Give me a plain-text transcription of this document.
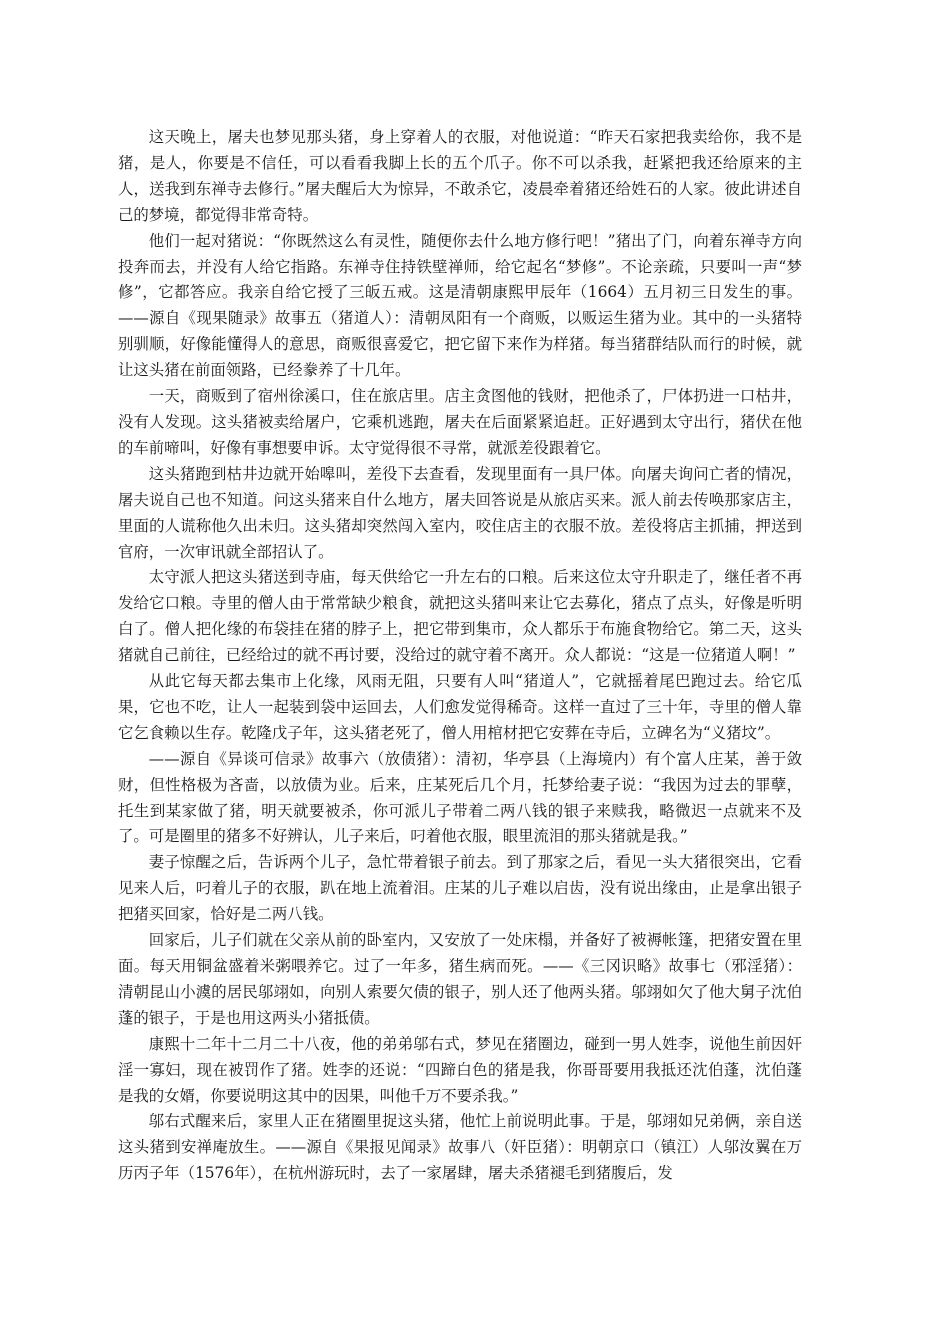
这天晚上，屠夫也梦见那头猪，身上穿着人的衣服，对他说道：“昨天石家把我卖给你，我不是猪，是人，你要是不信任，可以看看我脚上长的五个爪子。你不可以杀我，赶紧把我还给原来的主人，送我到东禅寺去修行。”屠夫醒后大为惊异，不敢杀它，凌晨牵着猪还给姓石的人家。彼此讲述自己的梦境，都觉得非常奇特。

他们一起对猪说：“你既然这么有灵性，随便你去什么地方修行吧！”猪出了门，向着东禅寺方向投奔而去，并没有人给它指路。东禅寺住持铁壁禅师，给它起名“梦修”。不论亲疏，只要叫一声“梦修”，它都答应。我亲自给它授了三皈五戒。这是清朝康熙甲辰年（1664）五月初三日发生的事。——源自《现果随录》故事五（猪道人）：清朝凤阳有一个商贩，以贩运生猪为业。其中的一头猪特别驯顺，好像能懂得人的意思，商贩很喜爱它，把它留下来作为样猪。每当猪群结队而行的时候，就让这头猪在前面领路，已经豢养了十几年。

一天，商贩到了宿州徐溪口，住在旅店里。店主贪图他的钱财，把他杀了，尸体扔进一口枯井，没有人发现。这头猪被卖给屠户，它乘机逃跑，屠夫在后面紧紧追赶。正好遇到太守出行，猪伏在他的车前啼叫，好像有事想要申诉。太守觉得很不寻常，就派差役跟着它。

这头猪跑到枯井边就开始嗥叫，差役下去查看，发现里面有一具尸体。向屠夫询问亡者的情况，屠夫说自己也不知道。问这头猪来自什么地方，屠夫回答说是从旅店买来。派人前去传唤那家店主，里面的人谎称他久出未归。这头猪却突然闯入室内，咬住店主的衣服不放。差役将店主抓捕，押送到官府，一次审讯就全部招认了。

太守派人把这头猪送到寺庙，每天供给它一升左右的口粮。后来这位太守升职走了，继任者不再发给它口粮。寺里的僧人由于常常缺少粮食，就把这头猪叫来让它去募化，猪点了点头，好像是听明白了。僧人把化缘的布袋挂在猪的脖子上，把它带到集市，众人都乐于布施食物给它。第二天，这头猪就自己前往，已经给过的就不再讨要，没给过的就守着不离开。众人都说：“这是一位猪道人啊！”

从此它每天都去集市上化缘，风雨无阻，只要有人叫“猪道人”，它就摇着尾巴跑过去。给它瓜果，它也不吃，让人一起装到袋中运回去，人们愈发觉得稀奇。这样一直过了三十年，寺里的僧人靠它乞食赖以生存。乾隆戊子年，这头猪老死了，僧人用棺材把它安葬在寺后，立碑名为“义猪坟”。

——源自《异谈可信录》故事六（放债猪）：清初，华亭县（上海境内）有个富人庄某，善于敛财，但性格极为吝啬，以放债为业。后来，庄某死后几个月，托梦给妻子说：“我因为过去的罪孽，托生到某家做了猪，明天就要被杀，你可派儿子带着二两八钱的银子来赎我，略微迟一点就来不及了。可是圈里的猪多不好辨认，儿子来后，叼着他衣服，眼里流泪的那头猪就是我。”

妻子惊醒之后，告诉两个儿子，急忙带着银子前去。到了那家之后，看见一头大猪很突出，它看见来人后，叼着儿子的衣服，趴在地上流着泪。庄某的儿子难以启齿，没有说出缘由，止是拿出银子把猪买回家，恰好是二两八钱。

回家后，儿子们就在父亲从前的卧室内，又安放了一处床榻，并备好了被褥帐篷，把猪安置在里面。每天用铜盆盛着米粥喂养它。过了一年多，猪生病而死。——《三冈识略》故事七（邪淫猪）：清朝昆山小澞的居民邬翊如，向别人索要欠债的银子，别人还了他两头猪。邬翊如欠了他大舅子沈伯蓬的银子，于是也用这两头小猪抵债。

康熙十二年十二月二十八夜，他的弟弟邬右式，梦见在猪圈边，碰到一男人姓李，说他生前因奸淫一寡妇，现在被罚作了猪。姓李的还说：“四蹄白色的猪是我，你哥哥要用我抵还沈伯蓬，沈伯蓬是我的女婿，你要说明这其中的因果，叫他千万不要杀我。”

邬右式醒来后，家里人正在猪圈里捉这头猪，他忙上前说明此事。于是，邬翊如兄弟俩，亲自送这头猪到安禅庵放生。——源自《果报见闻录》故事八（奸臣猪）：明朝京口（镇江）人邬汝翼在万历丙子年（1576年），在杭州游玩时，去了一家屠肆，屠夫杀猪褪毛到猪腹后，发
